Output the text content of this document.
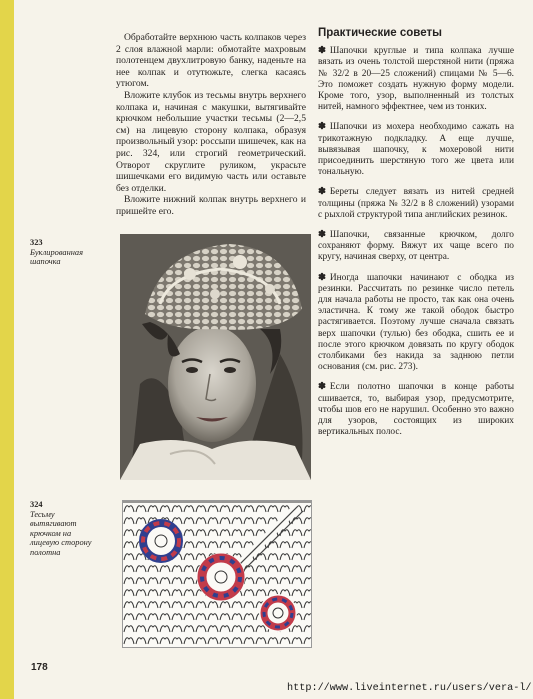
Обработайте верхнюю часть колпаков через 2 слоя влажной марли: обмотайте махровым полотенцем двухлитровую банку, наденьте на нее колпак и отутюжьте, слегка касаясь утюгом.

Вложите клубок из тесьмы внутрь верхнего колпака и, начиная с макушки, вытягивайте крючком небольшие участки тесьмы (2—2,5 см) на лицевую сторону колпака, образуя произвольный узор: россыпи шишечек, как на рис. 324, или строгий геометрический. Отворот скруглите руликом, украсьте шишечками его видимую часть или оставьте без отделки.

Вложите нижний колпак внутрь верхнего и пришейте его.

Практические советы

✽ Шапочки круглые и типа колпака лучше вязать из очень толстой шерстяной нити (пряжа № 32/2 в 20—25 сложений) спицами № 5—6. Это поможет создать нужную форму модели. Кроме того, узор, выполненный из толстых нитей, намного эффектнее, чем из тонких.

✽ Шапочки из мохера необходимо сажать на трикотажную подкладку. А еще лучше, вывязывая шапочку, к мохеровой нити присоединить шерстяную того же цвета или тональную.

✽ Береты следует вязать из нитей средней толщины (пряжа № 32/2 в 8 сложений) узорами с рыхлой структурой типа английских резинок.

✽ Шапочки, связанные крючком, долго сохраняют форму. Вяжут их чаще всего по кругу, начиная сверху, от центра.

✽ Иногда шапочки начинают с ободка из резинки. Рассчитать по резинке число петель для начала работы не просто, так как она очень эластична. К тому же такой ободок быстро растягивается. Поэтому лучше сначала связать верх шапочки (тулью) без ободка, сшить ее и после этого крючком довязать по кругу ободок столбиками без накида за заднюю петли основания (см. рис. 273).

✽ Если полотно шапочки в конце работы сшивается, то, выбирая узор, предусмотрите, чтобы шов его не нарушил. Особенно это важно для узоров, состоящих из широких вертикальных полос.

323
Буклированная шапочка
324
Тесьму вытягивают крючком на лицевую сторону полотна
178
http://www.liveinternet.ru/users/vera-l/
